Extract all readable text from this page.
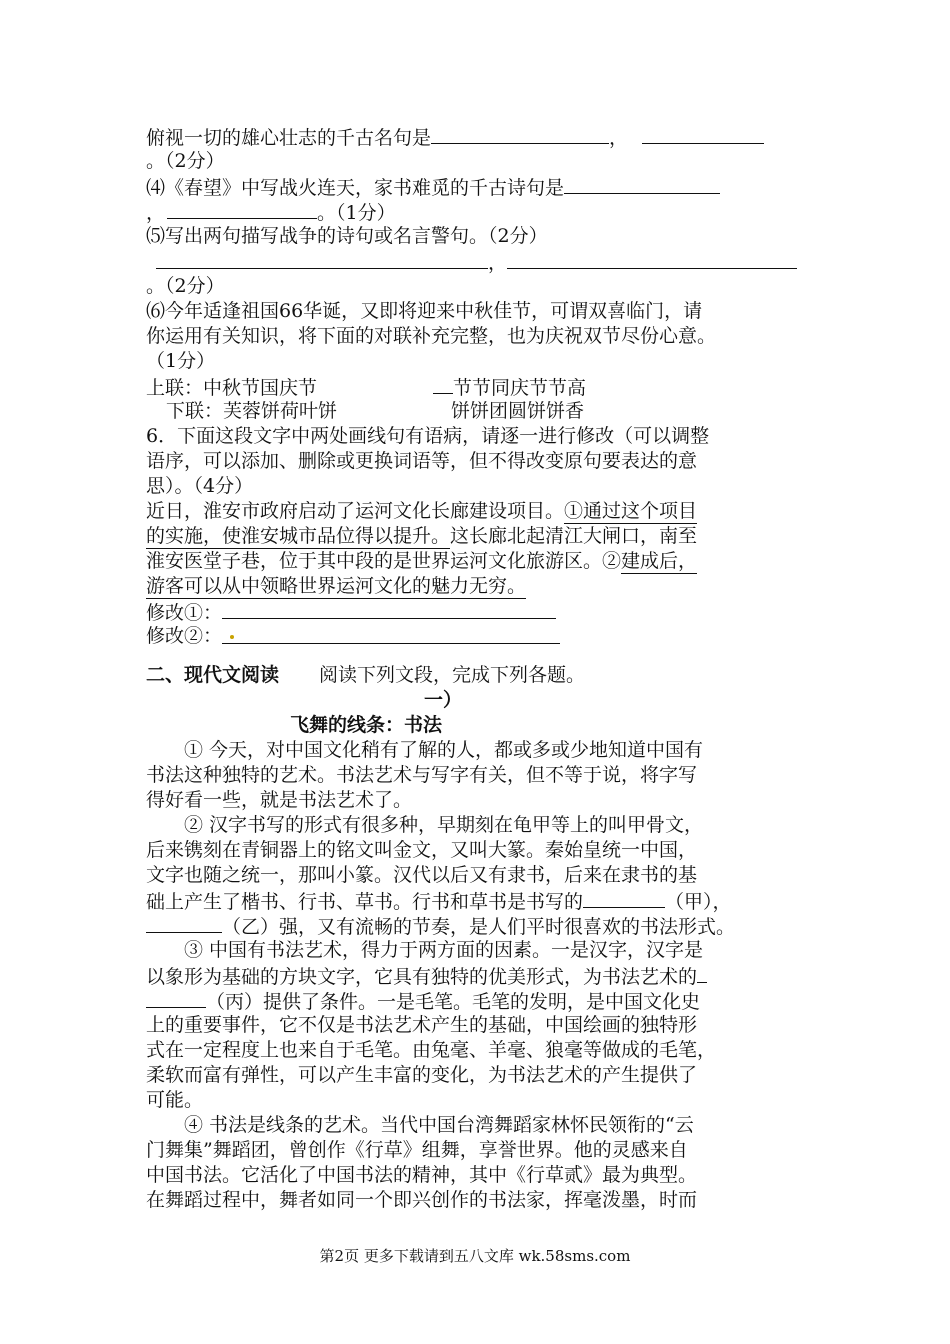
俯视一切的雄心壮志的千古名句是	，
。（2分）
⑷《春望》中写战火连天，家书难觅的千古诗句是
，	。（1分）
⑸写出两句描写战争的诗句或名言警句。（2分）
，
。（2分）
⑹今年适逢祖国66华诞，又即将迎来中秋佳节，可谓双喜临门，请
你运用有关知识，将下面的对联补充完整，也为庆祝双节尽份心意。
（1分）
上联：中秋节国庆节	节节同庆节节高
下联：芙蓉饼荷叶饼	饼饼团圆饼饼香
6．下面这段文字中两处画线句有语病，请逐一进行修改（可以调整
语序，可以添加、删除或更换词语等，但不得改变原句要表达的意
思）。（4分）
近日，淮安市政府启动了运河文化长廊建设项目。①通过这个项目
的实施，使淮安城市品位得以提升。这长廊北起清江大闸口，南至
淮安医堂子巷，位于其中段的是世界运河文化旅游区。②建成后，
游客可以从中领略世界运河文化的魅力无穷。
修改①：
修改②：
二、现代文阅读 阅读下列文段，完成下列各题。
一）
飞舞的线条：书法
① 今天，对中国文化稍有了解的人，都或多或少地知道中国有
书法这种独特的艺术。书法艺术与写字有关，但不等于说，将字写
得好看一些，就是书法艺术了。
② 汉字书写的形式有很多种，早期刻在龟甲等上的叫甲骨文，
后来镌刻在青铜器上的铭文叫金文，又叫大篆。秦始皇统一中国，
文字也随之统一，那叫小篆。汉代以后又有隶书，后来在隶书的基
础上产生了楷书、行书、草书。行书和草书是书写的	（甲），
（乙）强，又有流畅的节奏，是人们平时很喜欢的书法形式。
③ 中国有书法艺术，得力于两方面的因素。一是汉字，汉字是
以象形为基础的方块文字，它具有独特的优美形式，为书法艺术的
（丙）提供了条件。一是毛笔。毛笔的发明，是中国文化史
上的重要事件，它不仅是书法艺术产生的基础，中国绘画的独特形
式在一定程度上也来自于毛笔。由兔毫、羊毫、狼毫等做成的毛笔，
柔软而富有弹性，可以产生丰富的变化，为书法艺术的产生提供了
可能。
④ 书法是线条的艺术。当代中国台湾舞蹈家林怀民领衔的“云
门舞集”舞蹈团，曾创作《行草》组舞，享誉世界。他的灵感来自
中国书法。它活化了中国书法的精神，其中《行草贰》最为典型。
在舞蹈过程中，舞者如同一个即兴创作的书法家，挥毫泼墨，时而
第2页 更多下载请到五八文库 wk.58sms.com
